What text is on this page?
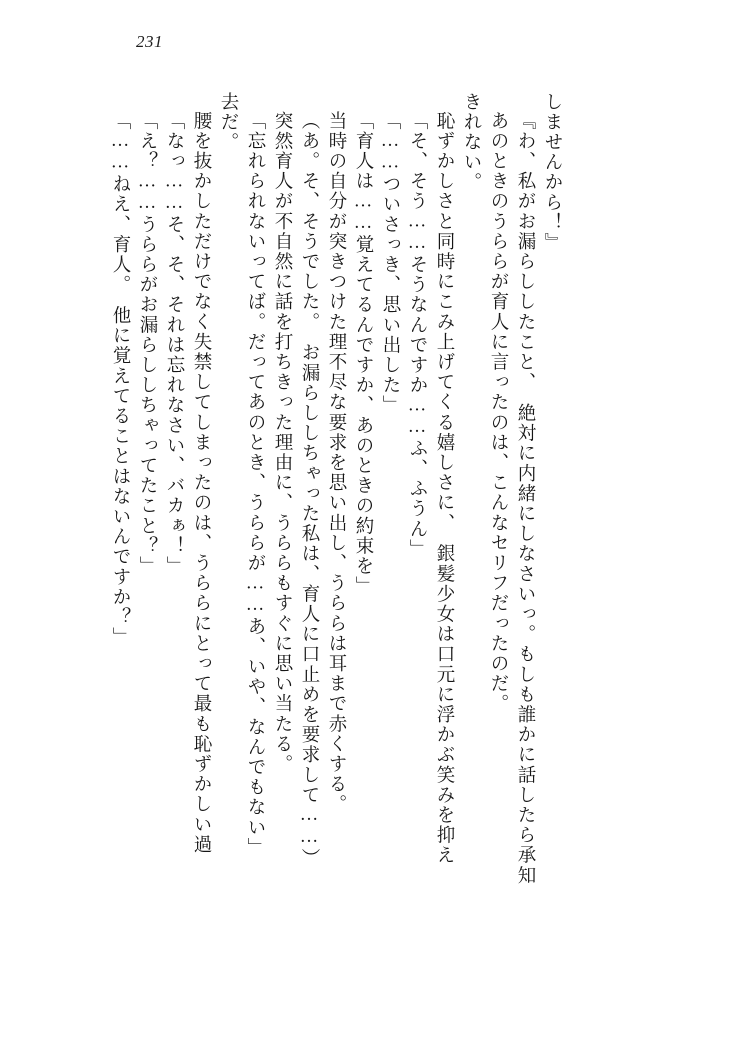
231
「……ねえ、育人。　他に覚えてることはないんですか？」 「え？……うららがお漏らししちゃってたこと？」 「なっ……そ、そ、それは忘れなさい、バカぁ！」 腰を抜かしただけでなく失禁してしまったのは、うららにとって最も恥ずかしい過 去だ。 「忘れられないってば。だってあのとき、うららが……あ、いや、なんでもない」 突然育人が不自然に話を打ちきった理由に、うららもすぐに思い当たる。 （あ。そ、そうでした。　お漏らししちゃった私は、育人に口止めを要求して……） 当時の自分が突きつけた理不尽な要求を思い出し、うららは耳まで赤くする。 「育人は……覚えてるんですか、あのときの約束を」 「……ついさっき、思い出した」 「そ、そう……そうなんですか……ふ、ふうん」 恥ずかしさと同時にこみ上げてくる嬉しさに、　銀髪少女は口元に浮かぶ笑みを抑え きれない。 あのときのうららが育人に言ったのは、こんなセリフだったのだ。 『わ、私がお漏らししたこと、　絶対に内緒にしなさいっ。もしも誰かに話したら承知 しませんから！』
